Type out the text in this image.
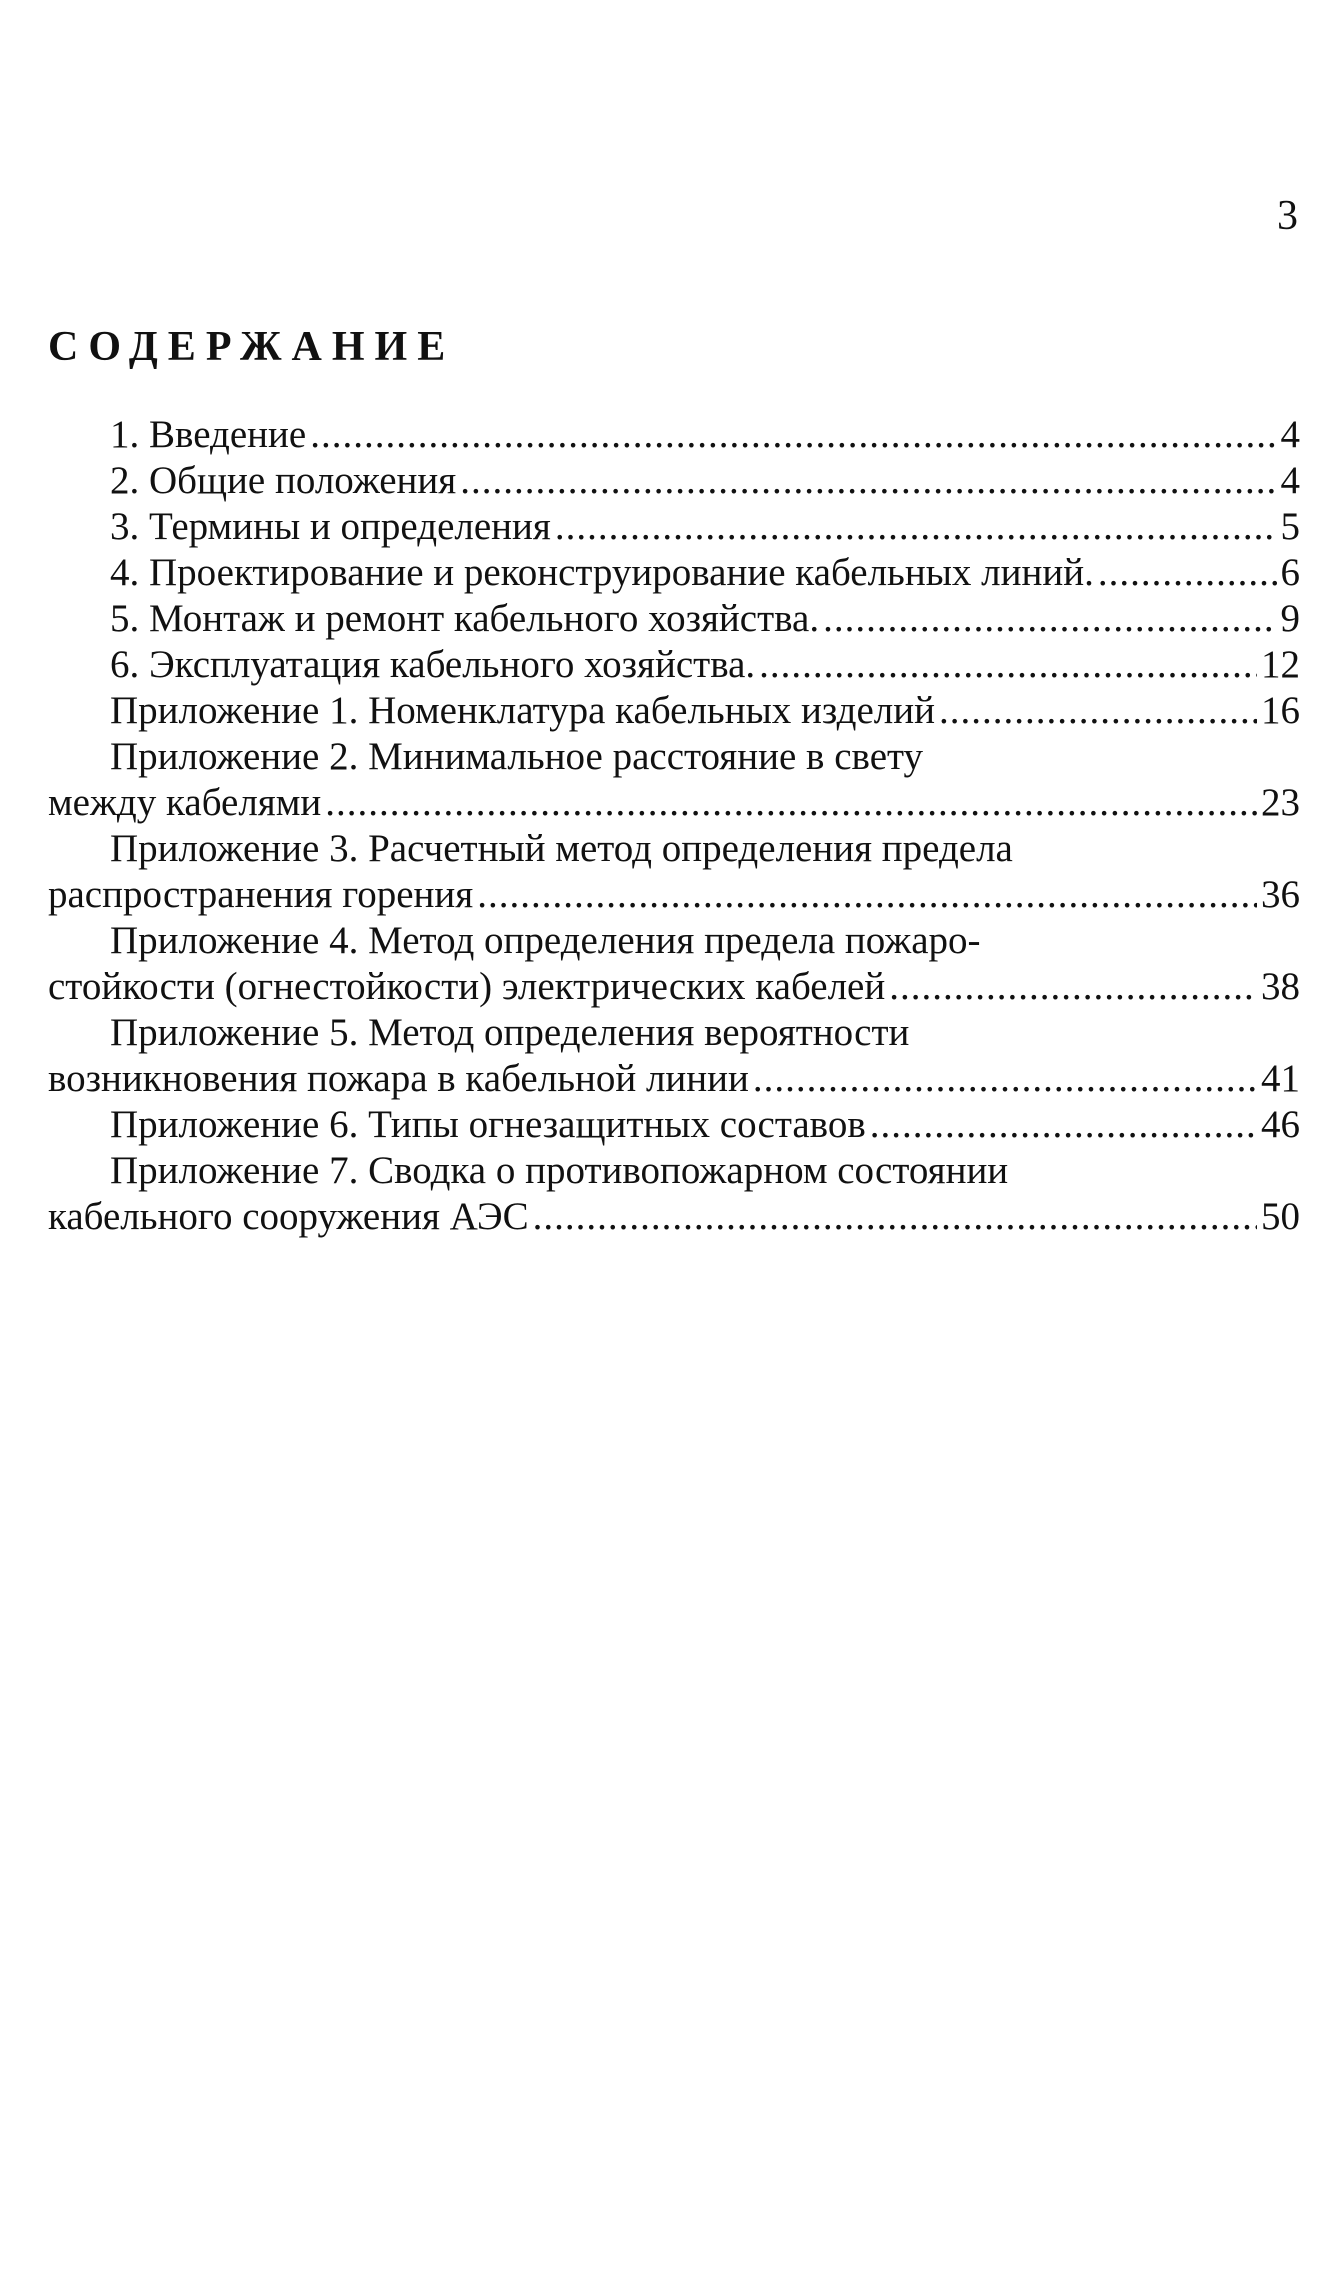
3
СОДЕРЖАНИЕ
1. Введение .....	4
2. Общие положения .....	4
3. Термины и определения .....	5
4. Проектирование и реконструирование кабельных линий. .....	6
5. Монтаж и ремонт кабельного хозяйства. .....	9
6. Эксплуатация кабельного хозяйства. .....	12
Приложение 1. Номенклатура кабельных изделий .....	16
Приложение 2. Минимальное расстояние в свету
между кабелями .....	23
Приложение 3. Расчетный метод определения предела
распространения горения .....	36
Приложение 4. Метод определения предела пожаро-
стойкости (огнестойкости) электрических кабелей .....	38
Приложение 5. Метод определения вероятности
возникновения пожара в кабельной линии .....	41
Приложение 6. Типы огнезащитных составов .....	46
Приложение 7. Сводка о противопожарном состоянии
кабельного сооружения АЭС .....	50
